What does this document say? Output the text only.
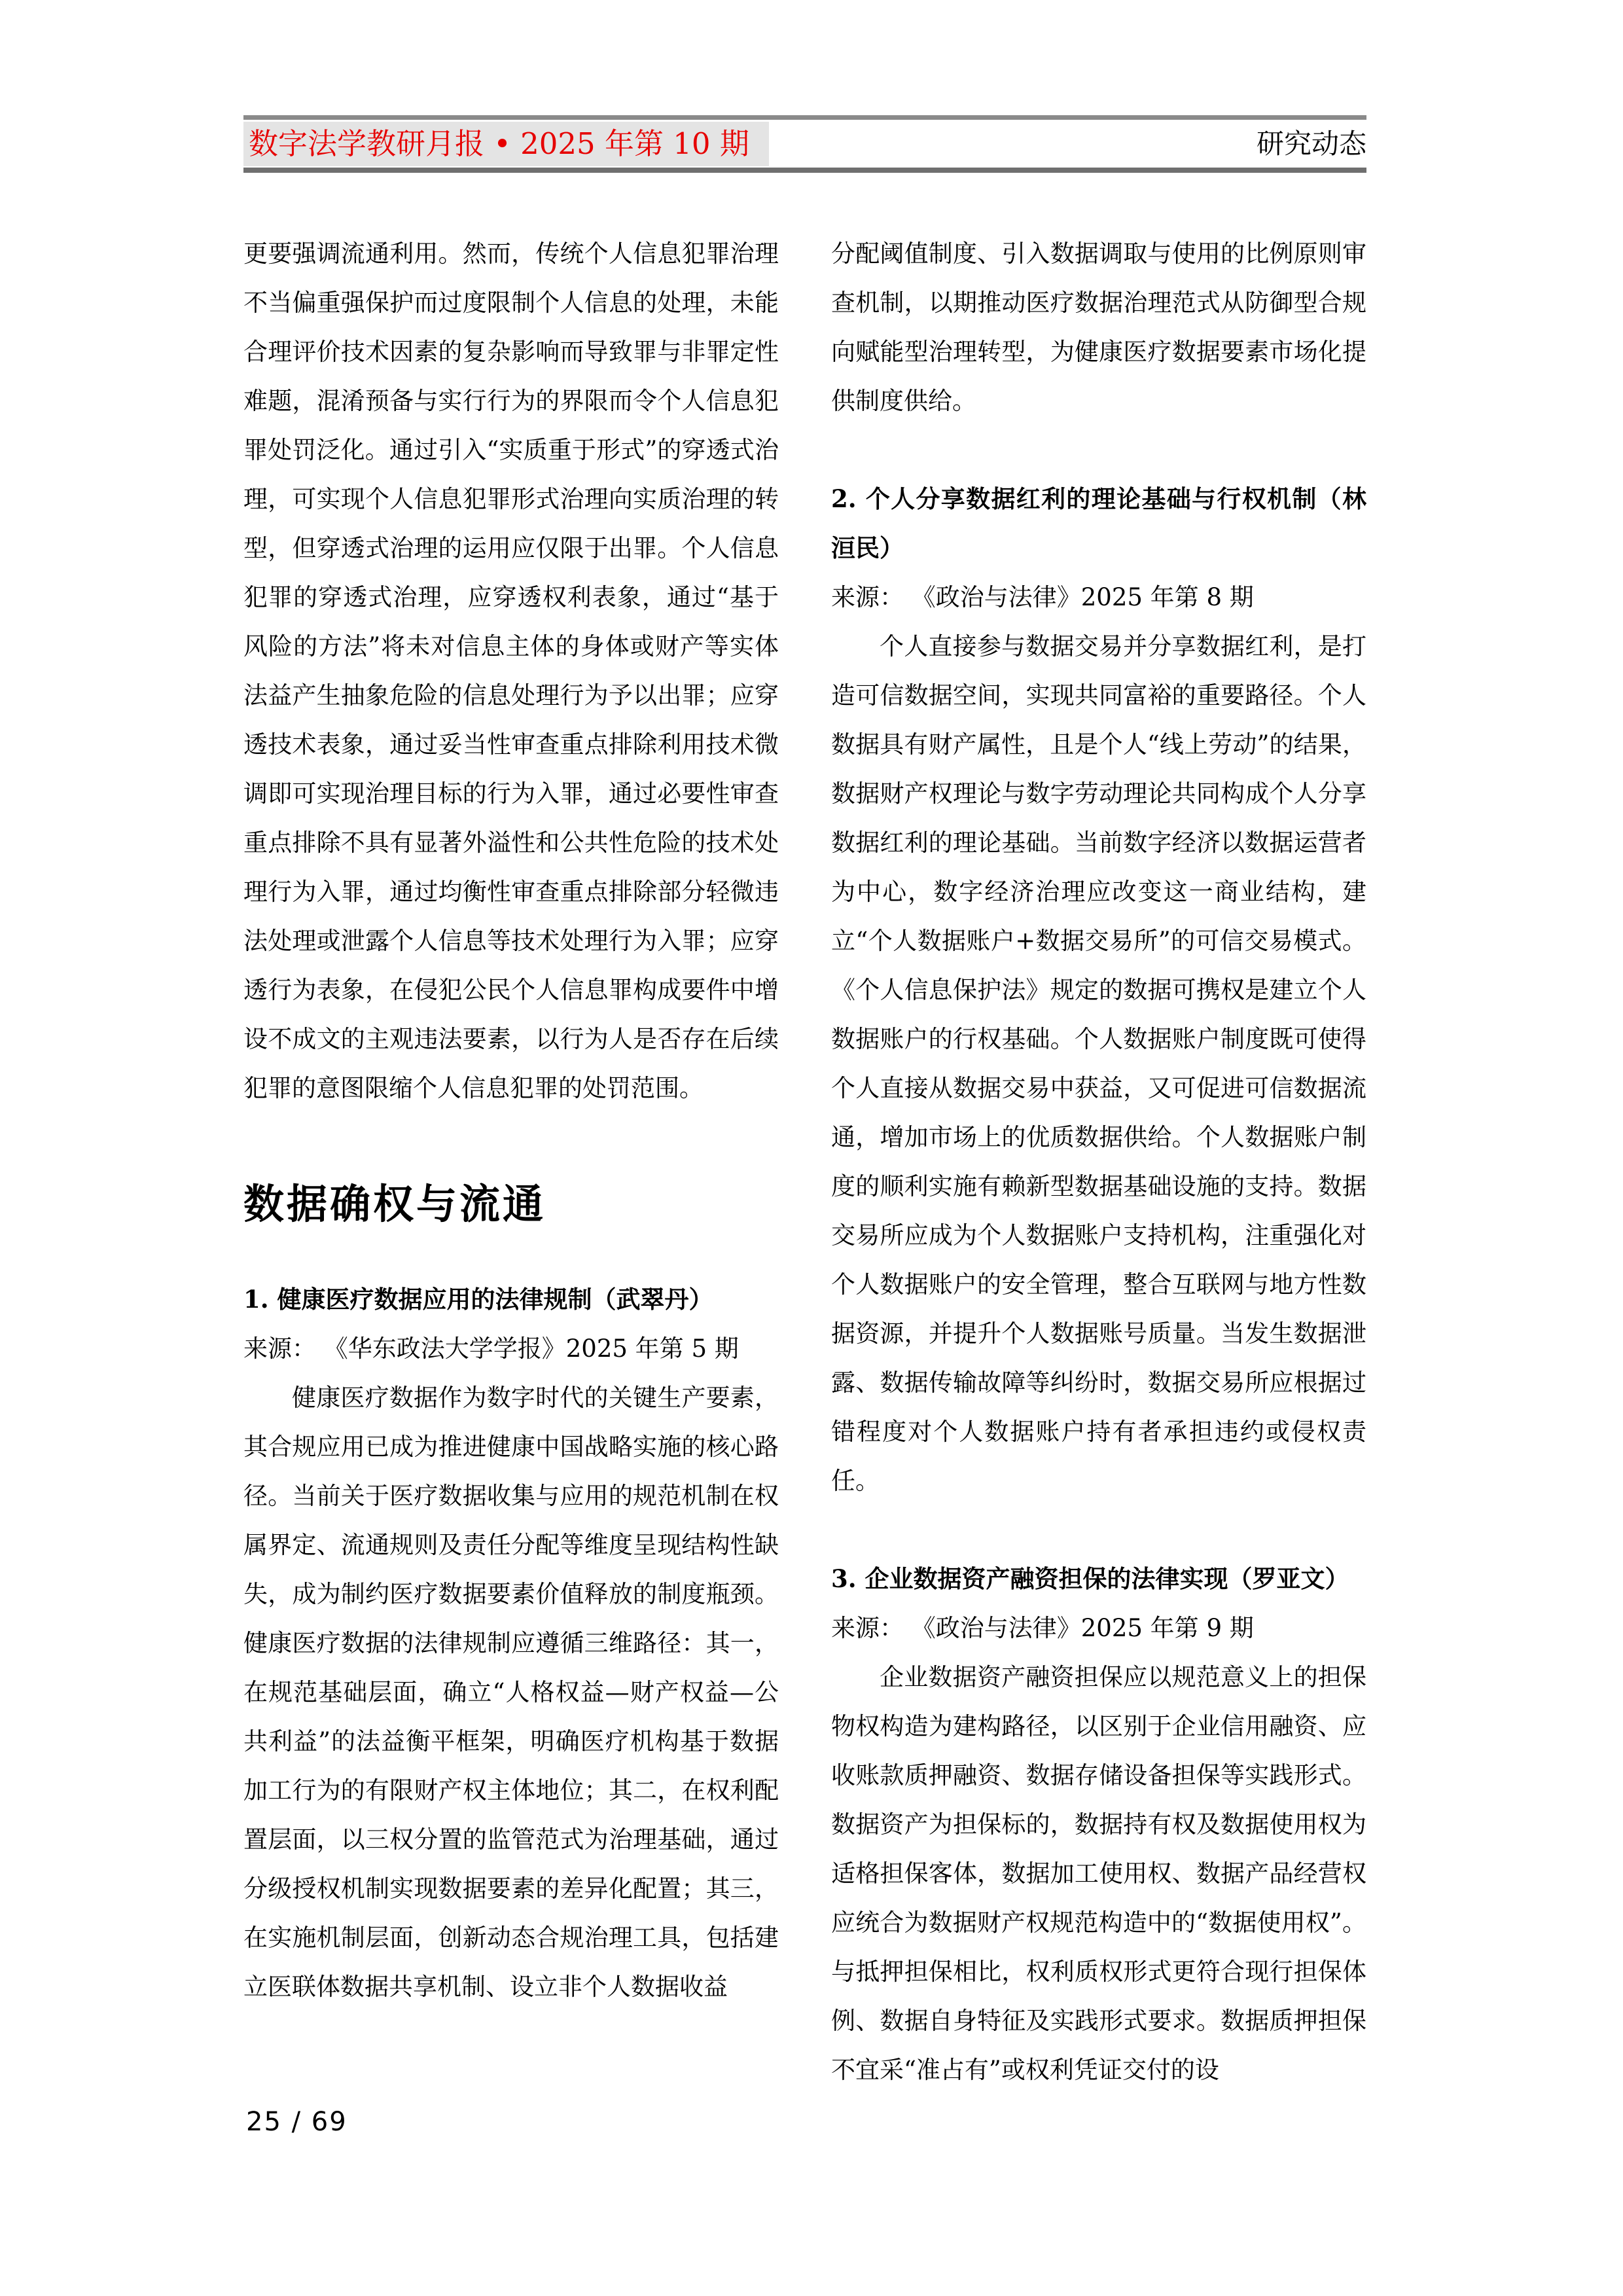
数字法学教研月报 • 2025 年第 10 期	研究动态

更要强调流通利用。然而，传统个人信息犯罪治理不当偏重强保护而过度限制个人信息的处理，未能合理评价技术因素的复杂影响而导致罪与非罪定性难题，混淆预备与实行行为的界限而令个人信息犯罪处罚泛化。通过引入“实质重于形式”的穿透式治理，可实现个人信息犯罪形式治理向实质治理的转型，但穿透式治理的运用应仅限于出罪。个人信息犯罪的穿透式治理，应穿透权利表象，通过“基于风险的方法”将未对信息主体的身体或财产等实体法益产生抽象危险的信息处理行为予以出罪；应穿透技术表象，通过妥当性审查重点排除利用技术微调即可实现治理目标的行为入罪，通过必要性审查重点排除不具有显著外溢性和公共性危险的技术处理行为入罪，通过均衡性审查重点排除部分轻微违法处理或泄露个人信息等技术处理行为入罪；应穿透行为表象，在侵犯公民个人信息罪构成要件中增设不成文的主观违法要素，以行为人是否存在后续犯罪的意图限缩个人信息犯罪的处罚范围。

数据确权与流通
1. 健康医疗数据应用的法律规制（武翠丹）

来源： 《华东政法大学学报》2025 年第 5 期

健康医疗数据作为数字时代的关键生产要素，其合规应用已成为推进健康中国战略实施的核心路径。当前关于医疗数据收集与应用的规范机制在权属界定、流通规则及责任分配等维度呈现结构性缺失，成为制约医疗数据要素价值释放的制度瓶颈。健康医疗数据的法律规制应遵循三维路径：其一，在规范基础层面，确立“人格权益—财产权益—公共利益”的法益衡平框架，明确医疗机构基于数据加工行为的有限财产权主体地位；其二，在权利配置层面，以三权分置的监管范式为治理基础，通过分级授权机制实现数据要素的差异化配置；其三，在实施机制层面，创新动态合规治理工具，包括建立医联体数据共享机制、设立非个人数据收益

分配阈值制度、引入数据调取与使用的比例原则审查机制，以期推动医疗数据治理范式从防御型合规向赋能型治理转型，为健康医疗数据要素市场化提供制度供给。

2. 个人分享数据红利的理论基础与行权机制（林洹民）

来源： 《政治与法律》2025 年第 8 期

个人直接参与数据交易并分享数据红利，是打造可信数据空间，实现共同富裕的重要路径。个人数据具有财产属性，且是个人“线上劳动”的结果，数据财产权理论与数字劳动理论共同构成个人分享数据红利的理论基础。当前数字经济以数据运营者为中心，数字经济治理应改变这一商业结构，建立“个人数据账户+数据交易所”的可信交易模式。《个人信息保护法》规定的数据可携权是建立个人数据账户的行权基础。个人数据账户制度既可使得个人直接从数据交易中获益，又可促进可信数据流通，增加市场上的优质数据供给。个人数据账户制度的顺利实施有赖新型数据基础设施的支持。数据交易所应成为个人数据账户支持机构，注重强化对个人数据账户的安全管理，整合互联网与地方性数据资源，并提升个人数据账号质量。当发生数据泄露、数据传输故障等纠纷时，数据交易所应根据过错程度对个人数据账户持有者承担违约或侵权责任。

3. 企业数据资产融资担保的法律实现（罗亚文）

来源： 《政治与法律》2025 年第 9 期

企业数据资产融资担保应以规范意义上的担保物权构造为建构路径，以区别于企业信用融资、应收账款质押融资、数据存储设备担保等实践形式。数据资产为担保标的，数据持有权及数据使用权为适格担保客体，数据加工使用权、数据产品经营权应统合为数据财产权规范构造中的“数据使用权”。与抵押担保相比，权利质权形式更符合现行担保体例、数据自身特征及实践形式要求。数据质押担保不宜采“准占有”或权利凭证交付的设

25 / 69
